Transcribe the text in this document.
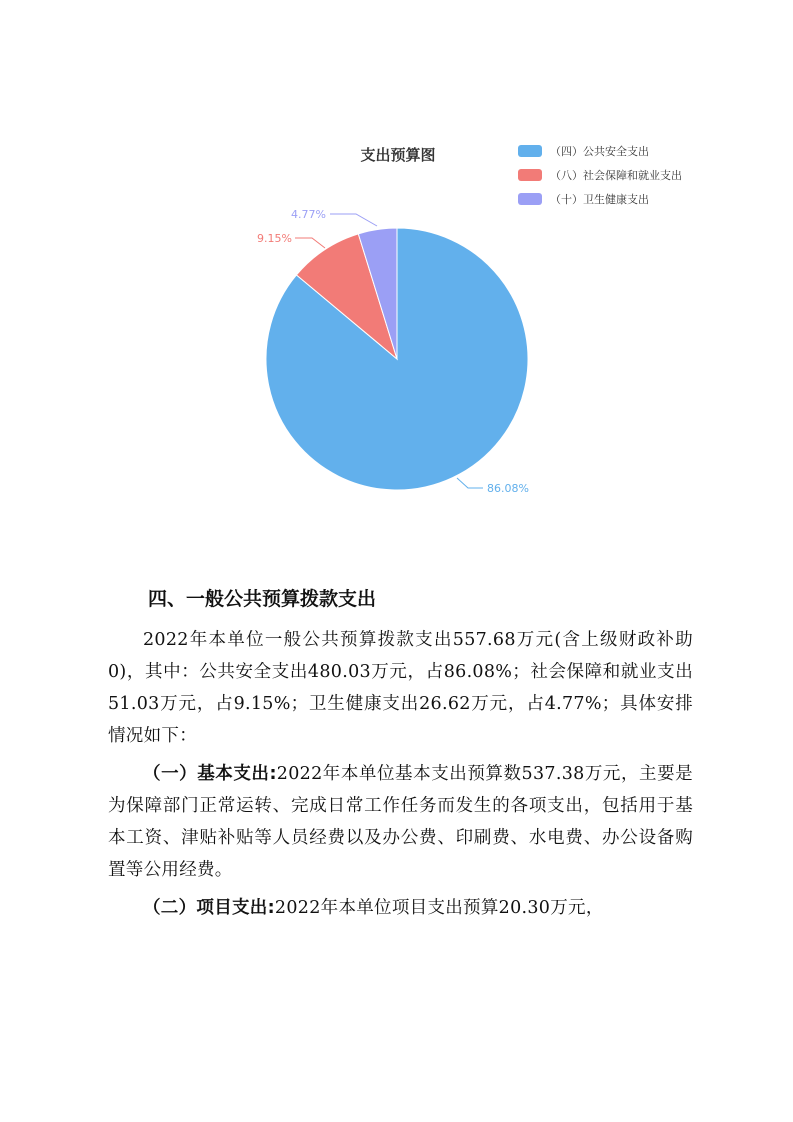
支出预算图	（四）公共安全支出
（八）社会保障和就业支出
（十）卫生健康支出
86.08%
9.15%
4.77%
四、一般公共预算拨款支出

2022年本单位一般公共预算拨款支出557.68万元(含上级财政补助0)，其中：公共安全支出480.03万元，占86.08%；社会保障和就业支出51.03万元，占9.15%；卫生健康支出26.62万元，占4.77%；具体安排情况如下：

（一）基本支出:2022年本单位基本支出预算数537.38万元，主要是为保障部门正常运转、完成日常工作任务而发生的各项支出，包括用于基本工资、津贴补贴等人员经费以及办公费、印刷费、水电费、办公设备购置等公用经费。

（二）项目支出:2022年本单位项目支出预算20.30万元，
